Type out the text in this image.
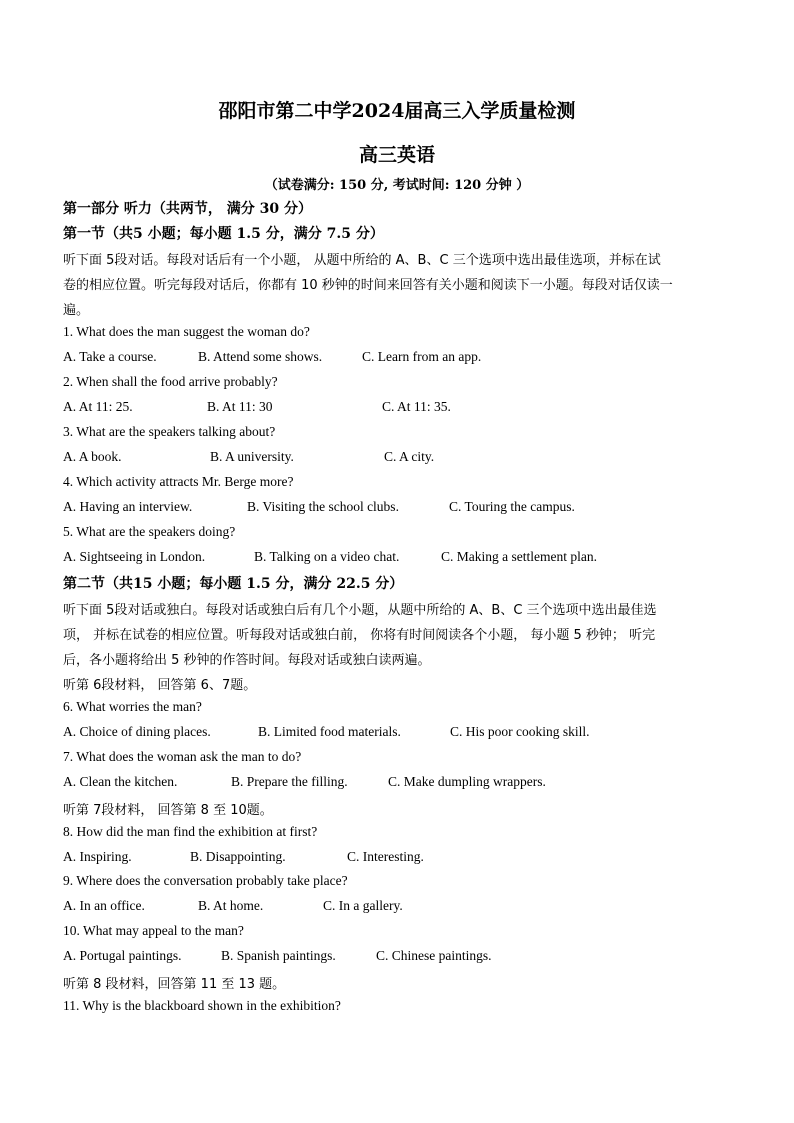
邵阳市第二中学2024届高三入学质量检测
高三英语
（试卷满分: 150 分, 考试时间: 120 分钟 ）
第一部分 听力（共两节， 满分 30 分）
第一节（共5 小题；每小题 1.5 分，满分 7.5 分）
听下面 5段对话。每段对话后有一个小题， 从题中所给的 A、B、C 三个选项中选出最佳选项，并标在试
卷的相应位置。听完每段对话后，你都有 10 秒钟的时间来回答有关小题和阅读下一小题。每段对话仅读一
遍。
1. What does the man suggest the woman do?
A. Take a course.	B. Attend some shows.	C. Learn from an app.
2. When shall the food arrive probably?
A. At 11: 25.	B. At 11: 30	C. At 11: 35.
3. What are the speakers talking about?
A. A book.	B. A university.	C. A city.
4. Which activity attracts Mr. Berge more?
A. Having an interview.	B. Visiting the school clubs.	C. Touring the campus.
5. What are the speakers doing?
A. Sightseeing in London.	B. Talking on a video chat.	C. Making a settlement plan.
第二节（共15 小题；每小题 1.5 分，满分 22.5 分）
听下面 5段对话或独白。每段对话或独白后有几个小题，从题中所给的 A、B、C 三个选项中选出最佳选
项， 并标在试卷的相应位置。听每段对话或独白前， 你将有时间阅读各个小题， 每小题 5 秒钟； 听完
后，各小题将给出 5 秒钟的作答时间。每段对话或独白读两遍。
听第 6段材料， 回答第 6、7题。
6. What worries the man?
A. Choice of dining places.	B. Limited food materials.	C. His poor cooking skill.
7. What does the woman ask the man to do?
A. Clean the kitchen.	B. Prepare the filling.	C. Make dumpling wrappers.
听第 7段材料， 回答第 8 至 10题。
8. How did the man find the exhibition at first?
A. Inspiring.	B. Disappointing.	C. Interesting.
9. Where does the conversation probably take place?
A. In an office.	B. At home.	C. In a gallery.
10. What may appeal to the man?
A. Portugal paintings.	B. Spanish paintings.	C. Chinese paintings.
听第 8 段材料，回答第 11 至 13 题。
11. Why is the blackboard shown in the exhibition?
